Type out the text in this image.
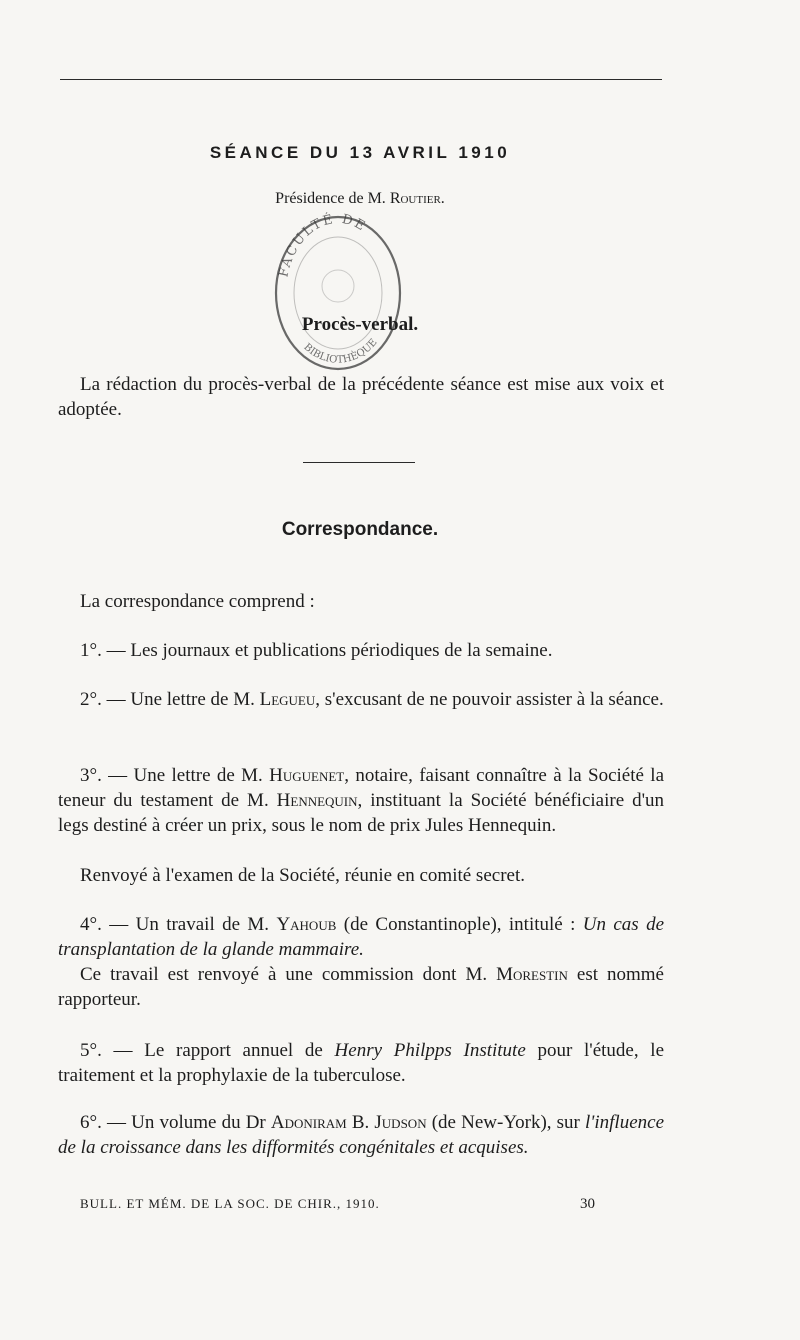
SÉANCE DU 13 AVRIL 1910
Présidence de M. Routier.
FACULTÉ DE
BIBLIOTHÈQUE
Procès-verbal.
La rédaction du procès-verbal de la précédente séance est mise aux voix et adoptée.
Correspondance.
La correspondance comprend :
1°. — Les journaux et publications périodiques de la semaine.
2°. — Une lettre de M. Legueu, s'excusant de ne pouvoir assister à la séance.
3°. — Une lettre de M. Huguenet, notaire, faisant connaître à la Société la teneur du testament de M. Hennequin, instituant la Société bénéficiaire d'un legs destiné à créer un prix, sous le nom de prix Jules Hennequin.
Renvoyé à l'examen de la Société, réunie en comité secret.
4°. — Un travail de M. Yahoub (de Constantinople), intitulé : Un cas de transplantation de la glande mammaire.
Ce travail est renvoyé à une commission dont M. Morestin est nommé rapporteur.
5°. — Le rapport annuel de Henry Philpps Institute pour l'étude, le traitement et la prophylaxie de la tuberculose.
6°. — Un volume du Dr Adoniram B. Judson (de New-York), sur l'influence de la croissance dans les difformités congénitales et acquises.
BULL. ET MÉM. DE LA SOC. DE CHIR., 1910.	30
